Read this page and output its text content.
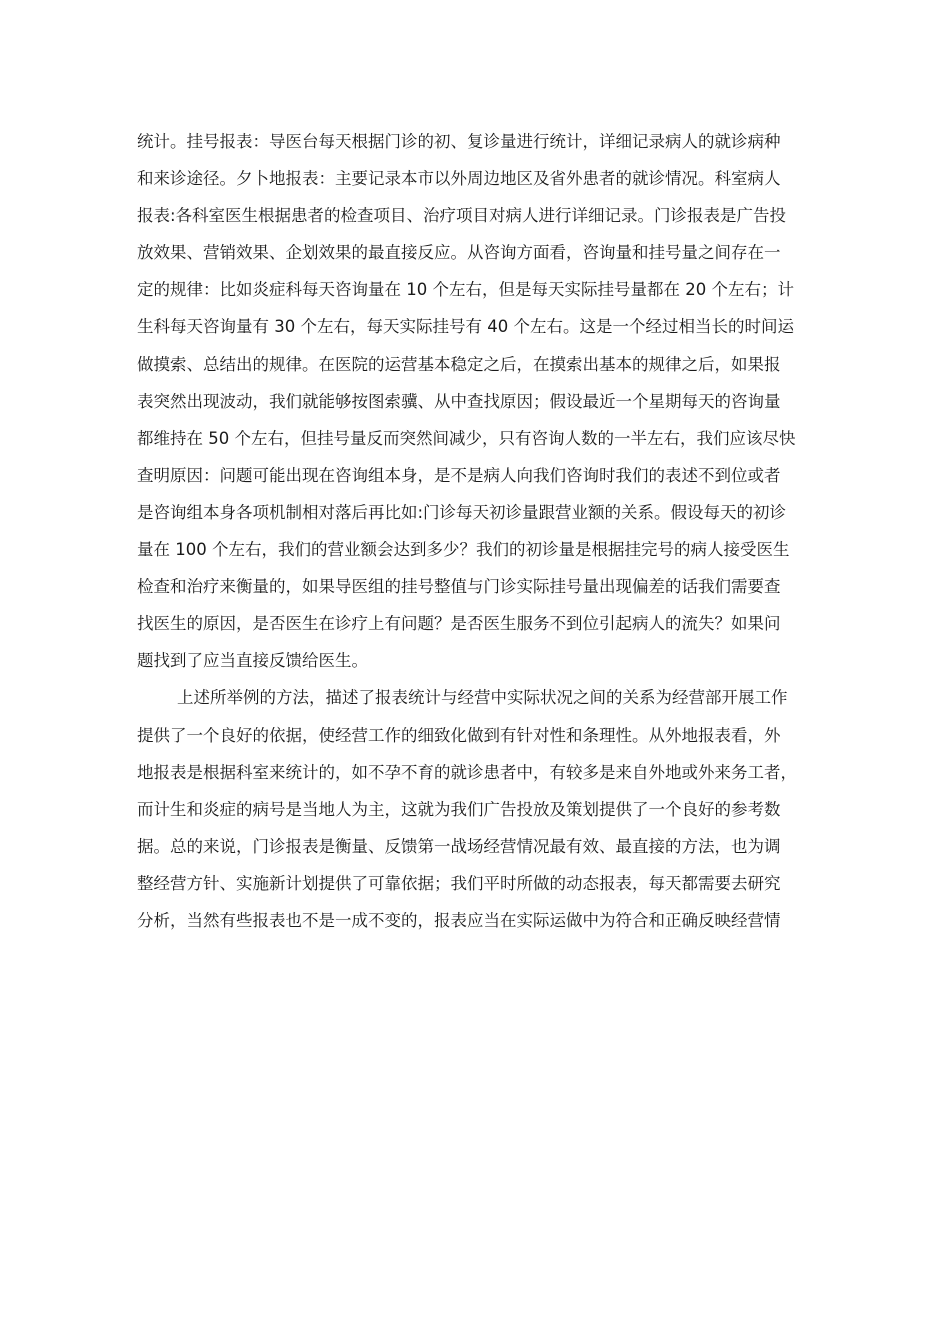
统计。挂号报表：导医台每天根据门诊的初、复诊量进行统计，详细记录病人的就诊病种
和来诊途径。夕卜地报表：主要记录本市以外周边地区及省外患者的就诊情况。科室病人
报表:各科室医生根据患者的检查项目、治疗项目对病人进行详细记录。门诊报表是广告投
放效果、营销效果、企划效果的最直接反应。从咨询方面看，咨询量和挂号量之间存在一
定的规律：比如炎症科每天咨询量在 10 个左右，但是每天实际挂号量都在 20 个左右；计
生科每天咨询量有 30 个左右，每天实际挂号有 40 个左右。这是一个经过相当长的时间运
做摸索、总结出的规律。在医院的运营基本稳定之后，在摸索出基本的规律之后，如果报
表突然出现波动，我们就能够按图索骥、从中查找原因；假设最近一个星期每天的咨询量
都维持在 50 个左右，但挂号量反而突然间减少，只有咨询人数的一半左右，我们应该尽快
查明原因：问题可能出现在咨询组本身，是不是病人向我们咨询时我们的表述不到位或者
是咨询组本身各项机制相对落后再比如:门诊每天初诊量跟营业额的关系。假设每天的初诊
量在 100 个左右，我们的营业额会达到多少？我们的初诊量是根据挂完号的病人接受医生
检查和治疗来衡量的，如果导医组的挂号整值与门诊实际挂号量出现偏差的话我们需要查
找医生的原因，是否医生在诊疗上有问题？是否医生服务不到位引起病人的流失？如果问
题找到了应当直接反馈给医生。
上述所举例的方法，描述了报表统计与经营中实际状况之间的关系为经营部开展工作
提供了一个良好的依据，使经营工作的细致化做到有针对性和条理性。从外地报表看，外
地报表是根据科室来统计的，如不孕不育的就诊患者中，有较多是来自外地或外来务工者，
而计生和炎症的病号是当地人为主，这就为我们广告投放及策划提供了一个良好的参考数
据。总的来说，门诊报表是衡量、反馈第一战场经营情况最有效、最直接的方法，也为调
整经营方针、实施新计划提供了可靠依据；我们平时所做的动态报表，每天都需要去研究
分析，当然有些报表也不是一成不变的，报表应当在实际运做中为符合和正确反映经营情
